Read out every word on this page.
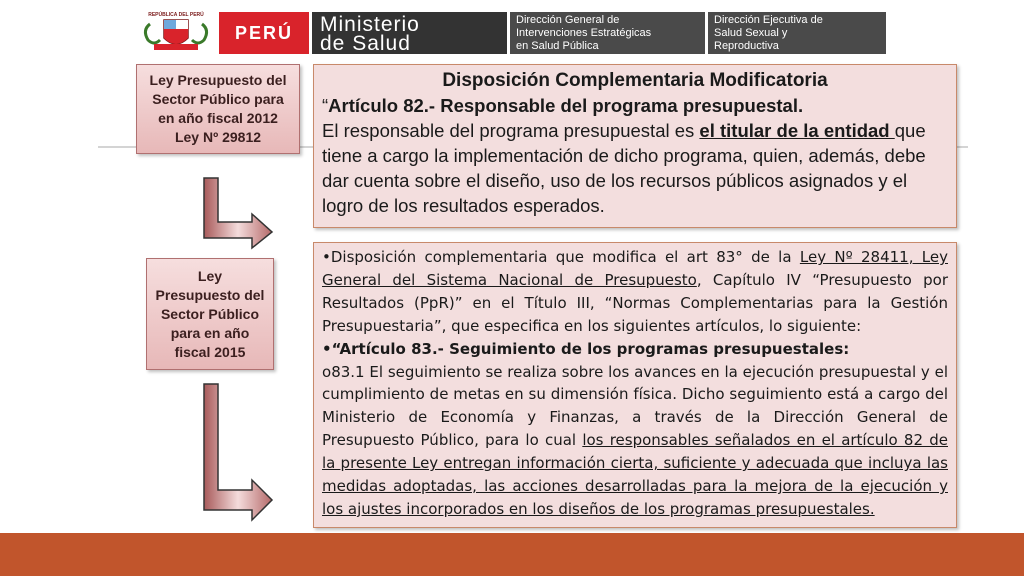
REPÚBLICA DEL PERÚ
PERÚ Ministerio
de Salud
Dirección General de
Intervenciones Estratégicas
en Salud Pública
Dirección Ejecutiva de
Salud Sexual y
Reproductiva
Ley Presupuesto del
Sector Público para
en año fiscal 2012
Ley Nº 29812
Ley
Presupuesto del
Sector Público
para en año
fiscal 2015
Disposición Complementaria Modificatoria
“Artículo 82.- Responsable del programa presupuestal.
El responsable del programa presupuestal es el titular de la entidad que tiene a cargo la implementación de dicho programa, quien, además, debe dar cuenta sobre el diseño, uso de los recursos públicos asignados y el logro de los resultados esperados.

•Disposición complementaria que modifica el art 83° de la Ley Nº 28411, Ley General del Sistema Nacional de Presupuesto, Capítulo IV “Presupuesto por Resultados (PpR)” en el Título III, “Normas Complementarias para la Gestión Presupuestaria”, que especifica en los siguientes artículos, lo siguiente:

•“Artículo 83.- Seguimiento de los programas presupuestales:

o83.1 El seguimiento se realiza sobre los avances en la ejecución presupuestal y el cumplimiento de metas en su dimensión física. Dicho seguimiento está a cargo del Ministerio de Economía y Finanzas, a través de la Dirección General de Presupuesto Público, para lo cual los responsables señalados en el artículo 82 de la presente Ley entregan información cierta, suficiente y adecuada que incluya las medidas adoptadas, las acciones desarrolladas para la mejora de la ejecución y los ajustes incorporados en los diseños de los programas presupuestales.
